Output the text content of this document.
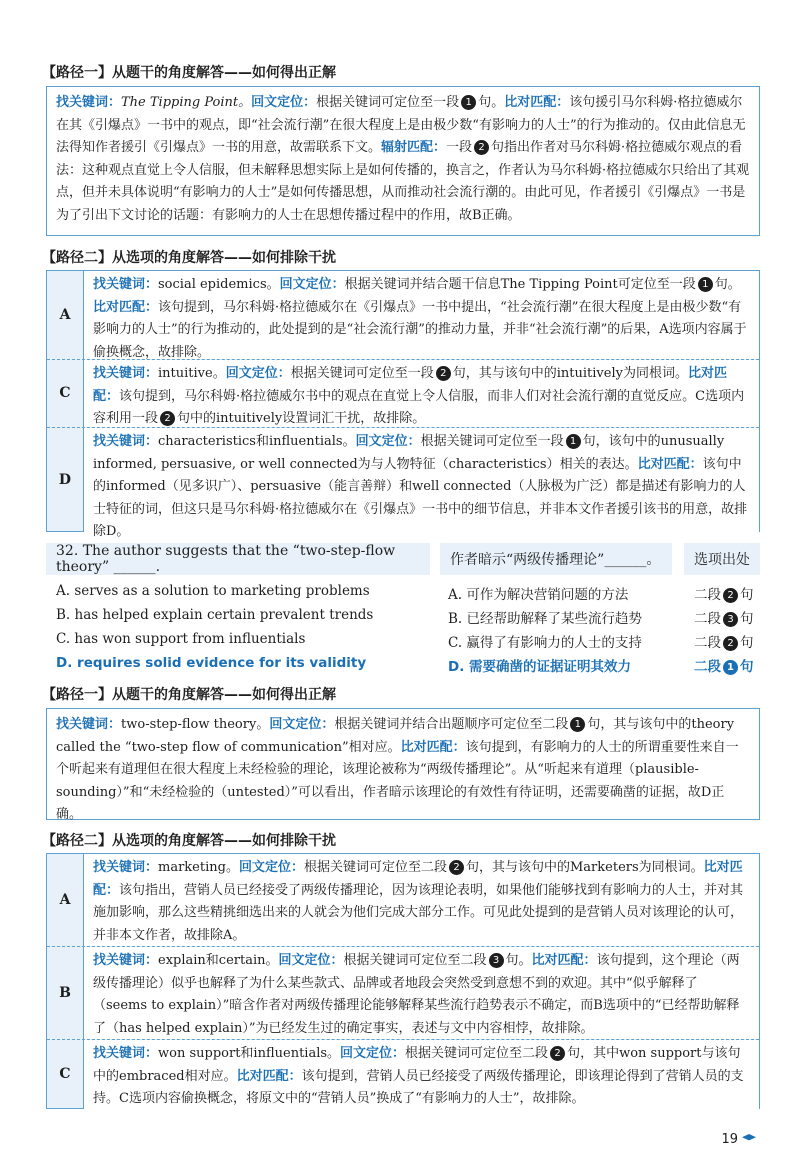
【路径一】从题干的角度解答——如何得出正解
找关键词：The Tipping Point。回文定位：根据关键词可定位至一段 1 句。比对匹配：该句援引马尔科姆·格拉德威尔在其《引爆点》一书中的观点，即“社会流行潮”在很大程度上是由极少数“有影响力的人士”的行为推动的。仅由此信息无法得知作者援引《引爆点》一书的用意，故需联系下文。辐射匹配：一段 2 句指出作者对马尔科姆·格拉德威尔观点的看法：这种观点直觉上令人信服，但未解释思想实际上是如何传播的，换言之，作者认为马尔科姆·格拉德威尔只给出了其观点，但并未具体说明“有影响力的人士”是如何传播思想，从而推动社会流行潮的。由此可见，作者援引《引爆点》一书是为了引出下文讨论的话题：有影响力的人士在思想传播过程中的作用，故B正确。
【路径二】从选项的角度解答——如何排除干扰
A
找关键词：social epidemics。回文定位：根据关键词并结合题干信息The Tipping Point可定位至一段 1 句。比对匹配：该句提到，马尔科姆·格拉德威尔在《引爆点》一书中提出，“社会流行潮”在很大程度上是由极少数“有影响力的人士”的行为推动的，此处提到的是“社会流行潮”的推动力量，并非“社会流行潮”的后果，A选项内容属于偷换概念，故排除。
C
找关键词：intuitive。回文定位：根据关键词可定位至一段 2 句，其与该句中的intuitively为同根词。比对匹配：该句提到，马尔科姆·格拉德威尔书中的观点在直觉上令人信服，而非人们对社会流行潮的直觉反应。C选项内容利用一段 2 句中的intuitively设置词汇干扰，故排除。
D
找关键词：characteristics和influentials。回文定位：根据关键词可定位至一段 1 句，该句中的unusually informed, persuasive, or well connected为与人物特征（characteristics）相关的表达。比对匹配：该句中的informed（见多识广）、persuasive（能言善辩）和well connected（人脉极为广泛）都是描述有影响力的人士特征的词，但这只是马尔科姆·格拉德威尔在《引爆点》一书中的细节信息，并非本文作者援引该书的用意，故排除D。
32. The author suggests that the “two-step-flow theory” ______.	作者暗示“两级传播理论”______。 选项出处
A. serves as a solution to marketing problems	A. 可作为解决营销问题的方法	二段 2 句
B. has helped explain certain prevalent trends	B. 已经帮助解释了某些流行趋势	二段 3 句
C. has won support from influentials	C. 赢得了有影响力的人士的支持	二段 2 句
D. requires solid evidence for its validity	D. 需要确凿的证据证明其效力	二段 1 句
【路径一】从题干的角度解答——如何得出正解
找关键词：two-step-flow theory。回文定位：根据关键词并结合出题顺序可定位至二段 1 句，其与该句中的theory called the “two-step flow of communication”相对应。比对匹配：该句提到，有影响力的人士的所谓重要性来自一个听起来有道理但在很大程度上未经检验的理论，该理论被称为“两级传播理论”。从“听起来有道理（plausible-sounding）”和“未经检验的（untested）”可以看出，作者暗示该理论的有效性有待证明，还需要确凿的证据，故D正确。
【路径二】从选项的角度解答——如何排除干扰
A
找关键词：marketing。回文定位：根据关键词可定位至二段 2 句，其与该句中的Marketers为同根词。比对匹配：该句指出，营销人员已经接受了两级传播理论，因为该理论表明，如果他们能够找到有影响力的人士，并对其施加影响，那么这些精挑细选出来的人就会为他们完成大部分工作。可见此处提到的是营销人员对该理论的认可，并非本文作者，故排除A。
B
找关键词：explain和certain。回文定位：根据关键词可定位至二段 3 句。比对匹配：该句提到，这个理论（两级传播理论）似乎也解释了为什么某些款式、品牌或者地段会突然受到意想不到的欢迎。其中“似乎解释了（seems to explain）”暗含作者对两级传播理论能够解释某些流行趋势表示不确定，而B选项中的“已经帮助解释了（has helped explain）”为已经发生过的确定事实，表述与文中内容相悖，故排除。
C
找关键词：won support和influentials。回文定位：根据关键词可定位至二段 2 句，其中won support与该句中的embraced相对应。比对匹配：该句提到，营销人员已经接受了两级传播理论，即该理论得到了营销人员的支持。C选项内容偷换概念，将原文中的“营销人员”换成了“有影响力的人士”，故排除。
19
